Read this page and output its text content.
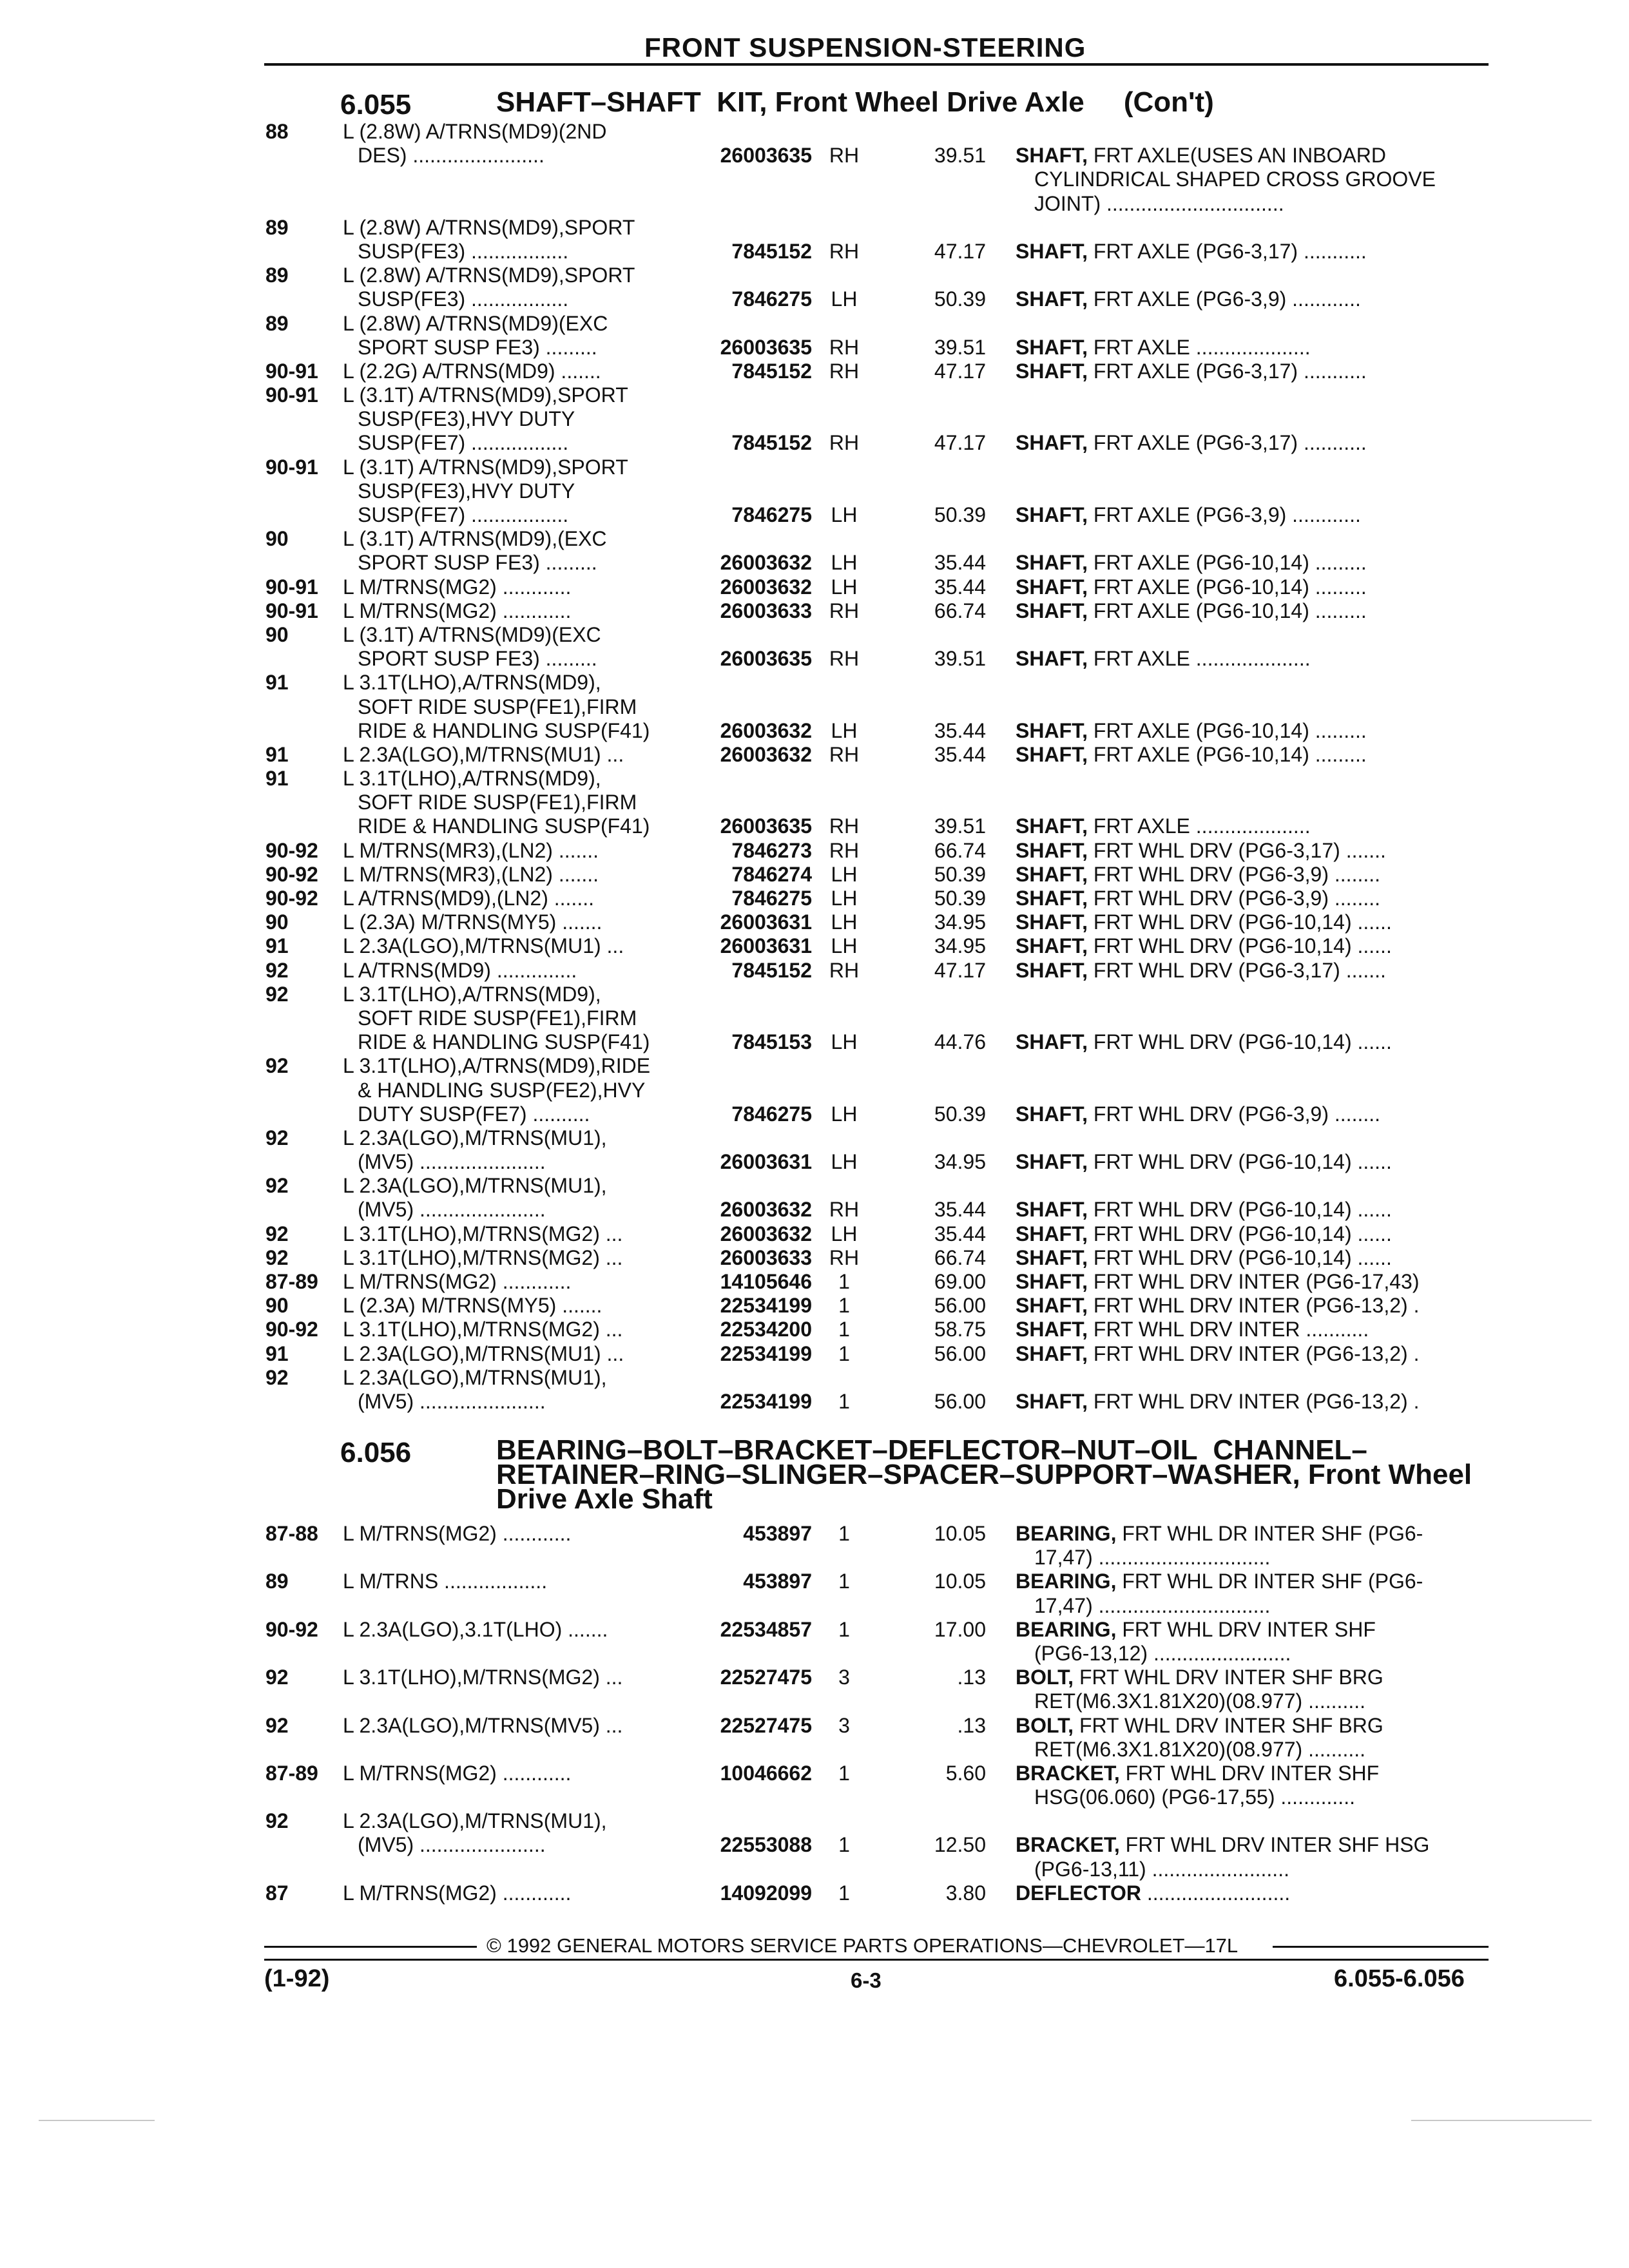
FRONT SUSPENSION-STEERING
6.055	SHAFT–SHAFT  KIT, Front Wheel Drive Axle     (Con't)
88	L (2.8W) A/TRNS(MD9)(2ND
DES) .......................	26003635 RH	39.51 SHAFT, FRT AXLE(USES AN INBOARD
CYLINDRICAL SHAPED CROSS GROOVE
JOINT) ...............................
89	L (2.8W) A/TRNS(MD9),SPORT
SUSP(FE3) .................	7845152 RH	47.17 SHAFT, FRT AXLE (PG6-3,17) ...........
89	L (2.8W) A/TRNS(MD9),SPORT
SUSP(FE3) .................	7846275 LH	50.39 SHAFT, FRT AXLE (PG6-3,9) ............
89	L (2.8W) A/TRNS(MD9)(EXC
SPORT SUSP FE3) .........	26003635 RH	39.51 SHAFT, FRT AXLE ....................
90-91 L (2.2G) A/TRNS(MD9) .......	7845152 RH	47.17 SHAFT, FRT AXLE (PG6-3,17) ...........
90-91 L (3.1T) A/TRNS(MD9),SPORT
SUSP(FE3),HVY DUTY
SUSP(FE7) .................	7845152 RH	47.17 SHAFT, FRT AXLE (PG6-3,17) ...........
90-91 L (3.1T) A/TRNS(MD9),SPORT
SUSP(FE3),HVY DUTY
SUSP(FE7) .................	7846275 LH	50.39 SHAFT, FRT AXLE (PG6-3,9) ............
90	L (3.1T) A/TRNS(MD9),(EXC
SPORT SUSP FE3) .........	26003632 LH	35.44 SHAFT, FRT AXLE (PG6-10,14) .........
90-91 L M/TRNS(MG2) ............	26003632 LH	35.44 SHAFT, FRT AXLE (PG6-10,14) .........
90-91 L M/TRNS(MG2) ............	26003633 RH	66.74 SHAFT, FRT AXLE (PG6-10,14) .........
90	L (3.1T) A/TRNS(MD9)(EXC
SPORT SUSP FE3) .........	26003635 RH	39.51 SHAFT, FRT AXLE ....................
91	L 3.1T(LHO),A/TRNS(MD9),
SOFT RIDE SUSP(FE1),FIRM
RIDE & HANDLING SUSP(F41)	26003632 LH	35.44 SHAFT, FRT AXLE (PG6-10,14) .........
91	L 2.3A(LGO),M/TRNS(MU1) ...	26003632 RH	35.44 SHAFT, FRT AXLE (PG6-10,14) .........
91	L 3.1T(LHO),A/TRNS(MD9),
SOFT RIDE SUSP(FE1),FIRM
RIDE & HANDLING SUSP(F41)	26003635 RH	39.51 SHAFT, FRT AXLE ....................
90-92 L M/TRNS(MR3),(LN2) .......	7846273 RH	66.74 SHAFT, FRT WHL DRV (PG6-3,17) .......
90-92 L M/TRNS(MR3),(LN2) .......	7846274 LH	50.39 SHAFT, FRT WHL DRV (PG6-3,9) ........
90-92 L A/TRNS(MD9),(LN2) .......	7846275 LH	50.39 SHAFT, FRT WHL DRV (PG6-3,9) ........
90	L (2.3A) M/TRNS(MY5) .......	26003631 LH	34.95 SHAFT, FRT WHL DRV (PG6-10,14) ......
91	L 2.3A(LGO),M/TRNS(MU1) ...	26003631 LH	34.95 SHAFT, FRT WHL DRV (PG6-10,14) ......
92	L A/TRNS(MD9) ..............	7845152 RH	47.17 SHAFT, FRT WHL DRV (PG6-3,17) .......
92	L 3.1T(LHO),A/TRNS(MD9),
SOFT RIDE SUSP(FE1),FIRM
RIDE & HANDLING SUSP(F41)	7845153 LH	44.76 SHAFT, FRT WHL DRV (PG6-10,14) ......
92	L 3.1T(LHO),A/TRNS(MD9),RIDE
& HANDLING SUSP(FE2),HVY
DUTY SUSP(FE7) ..........	7846275 LH	50.39 SHAFT, FRT WHL DRV (PG6-3,9) ........
92	L 2.3A(LGO),M/TRNS(MU1),
(MV5) ......................	26003631 LH	34.95 SHAFT, FRT WHL DRV (PG6-10,14) ......
92	L 2.3A(LGO),M/TRNS(MU1),
(MV5) ......................	26003632 RH	35.44 SHAFT, FRT WHL DRV (PG6-10,14) ......
92	L 3.1T(LHO),M/TRNS(MG2) ...	26003632 LH	35.44 SHAFT, FRT WHL DRV (PG6-10,14) ......
92	L 3.1T(LHO),M/TRNS(MG2) ...	26003633 RH	66.74 SHAFT, FRT WHL DRV (PG6-10,14) ......
87-89 L M/TRNS(MG2) ............	14105646	1	69.00 SHAFT, FRT WHL DRV INTER (PG6-17,43)
90	L (2.3A) M/TRNS(MY5) .......	22534199	1	56.00 SHAFT, FRT WHL DRV INTER (PG6-13,2) .
90-92 L 3.1T(LHO),M/TRNS(MG2) ...	22534200	1	58.75 SHAFT, FRT WHL DRV INTER ...........
91	L 2.3A(LGO),M/TRNS(MU1) ...	22534199	1	56.00 SHAFT, FRT WHL DRV INTER (PG6-13,2) .
92	L 2.3A(LGO),M/TRNS(MU1),
(MV5) ......................	22534199	1	56.00 SHAFT, FRT WHL DRV INTER (PG6-13,2) .
6.056	BEARING–BOLT–BRACKET–DEFLECTOR–NUT–OIL  CHANNEL–
RETAINER–RING–SLINGER–SPACER–SUPPORT–WASHER, Front Wheel
Drive Axle Shaft
87-88 L M/TRNS(MG2) ............	453897	1	10.05 BEARING, FRT WHL DR INTER SHF (PG6-
17,47) ..............................
89	L M/TRNS ..................	453897	1	10.05 BEARING, FRT WHL DR INTER SHF (PG6-
17,47) ..............................
90-92 L 2.3A(LGO),3.1T(LHO) .......	22534857	1	17.00 BEARING, FRT WHL DRV INTER SHF
(PG6-13,12) ........................
92	L 3.1T(LHO),M/TRNS(MG2) ...	22527475	3	.13 BOLT, FRT WHL DRV INTER SHF BRG
RET(M6.3X1.81X20)(08.977) ..........
92	L 2.3A(LGO),M/TRNS(MV5) ...	22527475	3	.13 BOLT, FRT WHL DRV INTER SHF BRG
RET(M6.3X1.81X20)(08.977) ..........
87-89 L M/TRNS(MG2) ............	10046662	1	5.60 BRACKET, FRT WHL DRV INTER SHF
HSG(06.060) (PG6-17,55) .............
92	L 2.3A(LGO),M/TRNS(MU1),
(MV5) ......................	22553088	1	12.50 BRACKET, FRT WHL DRV INTER SHF HSG
(PG6-13,11) ........................
87	L M/TRNS(MG2) ............	14092099	1	3.80 DEFLECTOR .........................
© 1992 GENERAL MOTORS SERVICE PARTS OPERATIONS—CHEVROLET—17L
(1-92)	6-3	6.055-6.056
